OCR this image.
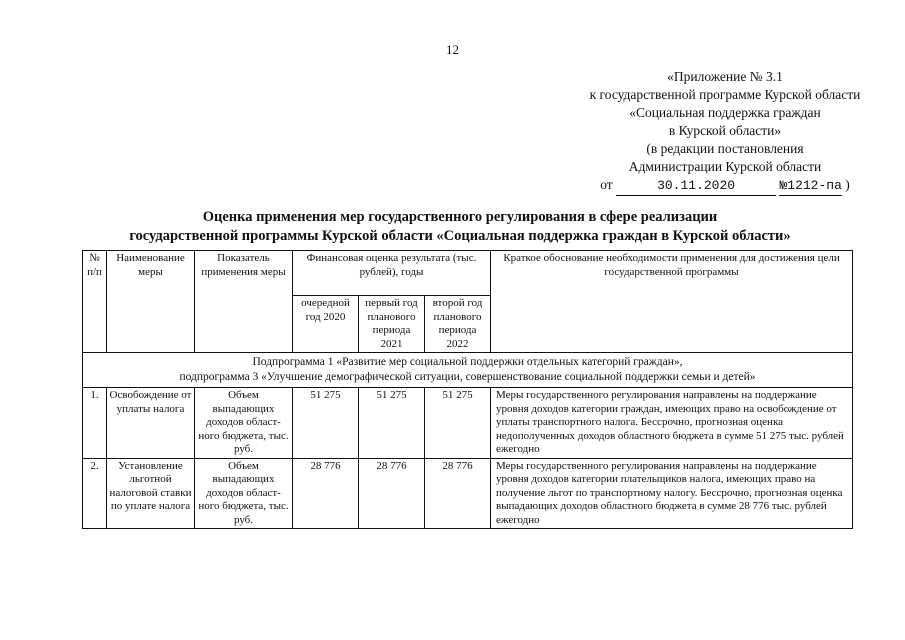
12
«Приложение № 3.1
к государственной программе Курской области
«Социальная поддержка граждан
в Курской области»
(в редакции постановления
Администрации Курской области
от	30.11.2020	№1212-па )
Оценка применения мер государственного регулирования в сфере реализации
государственной программы Курской области «Социальная поддержка граждан в Курской области»
№ п/п	Наименование меры	Показатель применения меры	Финансовая оценка результата (тыс. рублей), годы			Краткое обоснование необходимости применения для достижения цели государственной программы
			очередной год 2020	первый год планового периода 2021	второй год планового периода 2022	

Подпрограмма 1 «Развитие мер социальной поддержки отдельных категорий граждан»,
подпрограмма 3 «Улучшение демографической ситуации, совершенствование социальной поддержки семьи и детей»						

1.	Освобождение от уплаты налога	Объем выпадающих доходов област-ного бюджета, тыс. руб.	51 275	51 275	51 275	Меры государственного регулирования направлены на поддержание уровня доходов категории граждан, имеющих право на освобождение от уплаты транспортного налога. Бессрочно, прогнозная оценка недополученных доходов областного бюджета в сумме 51 275 тыс. рублей ежегодно
2.	Установление льготной налоговой ставки по уплате налога	Объем выпадающих доходов област-ного бюджета, тыс. руб.	28 776	28 776	28 776	Меры государственного регулирования направлены на поддержание уровня доходов категории плательщиков налога, имеющих право на получение льгот по транспортному налогу. Бессрочно, прогнозная оценка выпадающих доходов областного бюджета в сумме 28 776 тыс. рублей ежегодно
